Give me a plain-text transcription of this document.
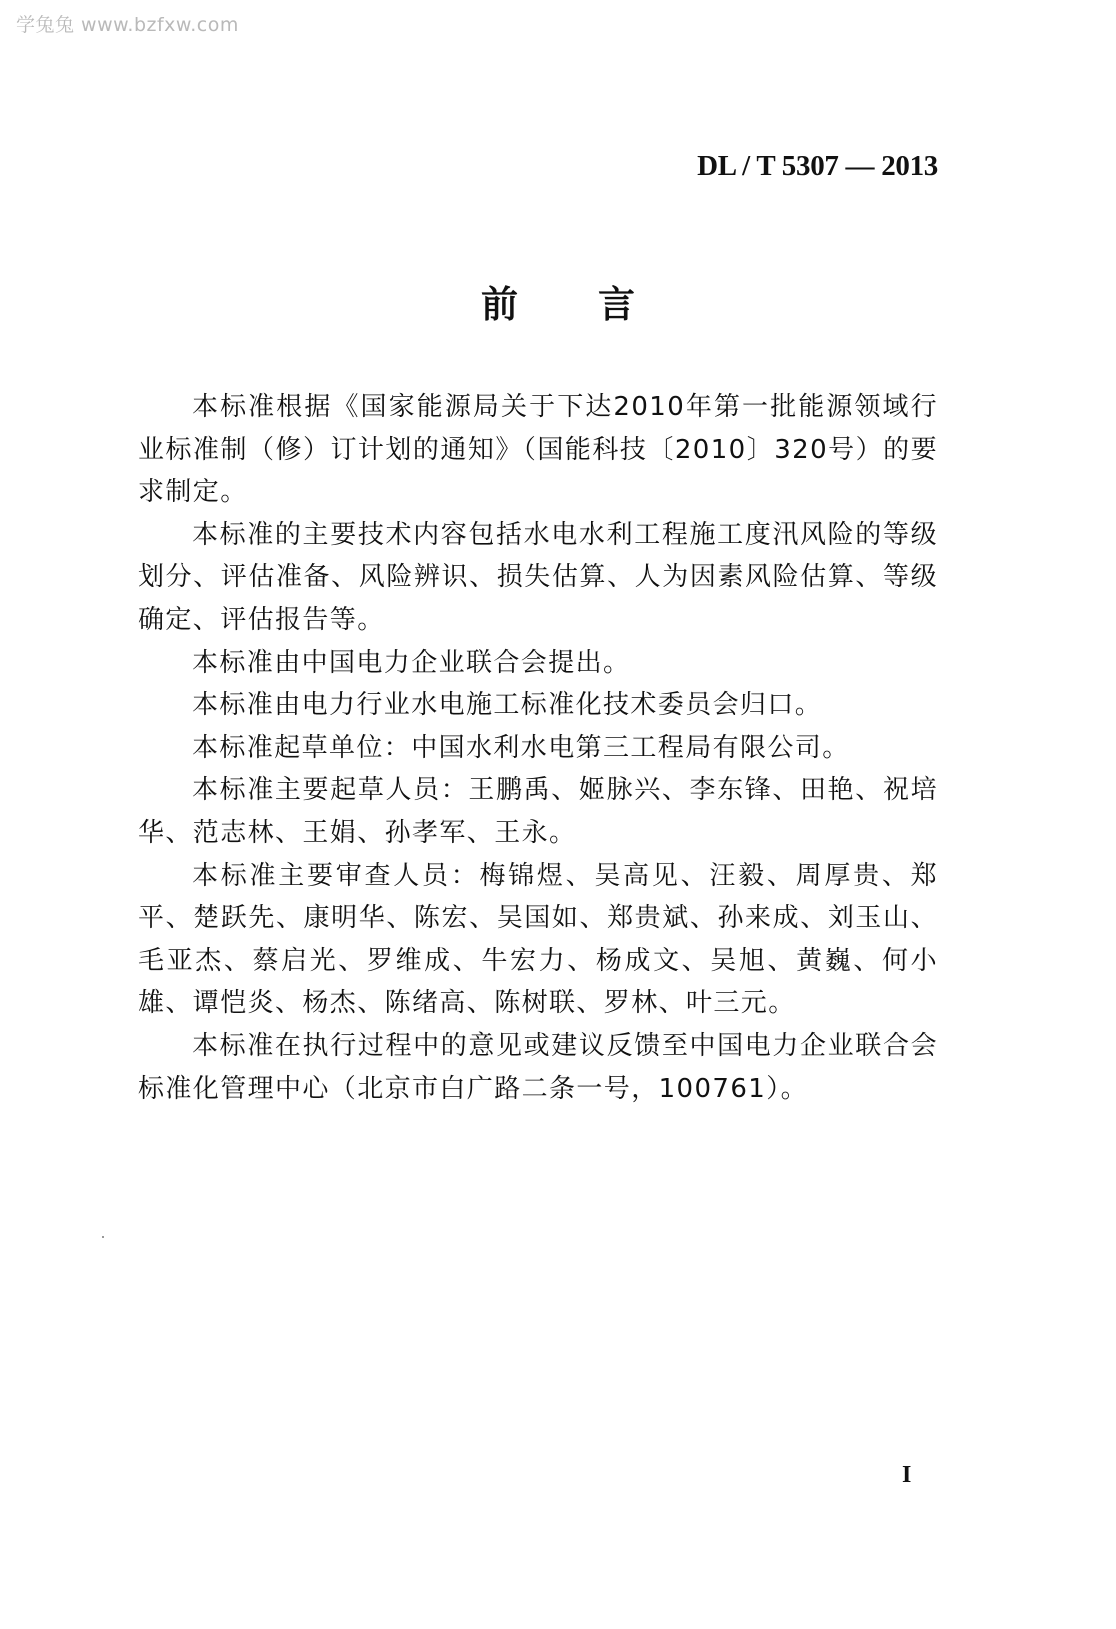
学兔兔 www.bzfxw.com
DL / T 5307 — 2013
前 言

本标准根据《国家能源局关于下达2010年第一批能源领域行业标准制（修）订计划的通知》（国能科技〔2010〕320号）的要求制定。

本标准的主要技术内容包括水电水利工程施工度汛风险的等级划分、评估准备、风险辨识、损失估算、人为因素风险估算、等级确定、评估报告等。

本标准由中国电力企业联合会提出。

本标准由电力行业水电施工标准化技术委员会归口。

本标准起草单位：中国水利水电第三工程局有限公司。

本标准主要起草人员：王鹏禹、姬脉兴、李东锋、田艳、祝培华、范志林、王娟、孙孝军、王永。

本标准主要审查人员：梅锦煜、吴高见、汪毅、周厚贵、郑平、楚跃先、康明华、陈宏、吴国如、郑贵斌、孙来成、刘玉山、毛亚杰、蔡启光、罗维成、牛宏力、杨成文、吴旭、黄巍、何小雄、谭恺炎、杨杰、陈绪高、陈树联、罗林、叶三元。

本标准在执行过程中的意见或建议反馈至中国电力企业联合会标准化管理中心（北京市白广路二条一号，100761）。

I
